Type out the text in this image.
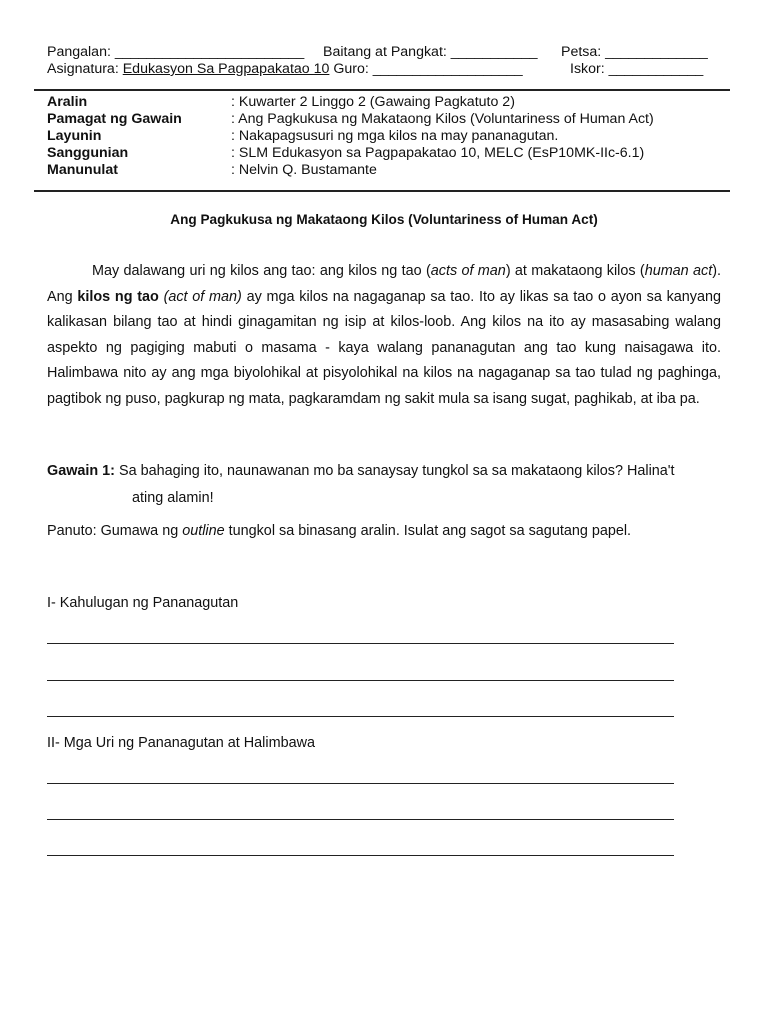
Pangalan: ________________________ Baitang at Pangkat: ___________ Petsa: _____________
Asignatura: Edukasyon Sa Pagpapakatao 10 Guro: ___________________	Iskor: ____________
Aralin	: Kuwarter 2 Linggo 2 (Gawaing Pagkatuto 2)
Pamagat ng Gawain	: Ang Pagkukusa ng Makataong Kilos (Voluntariness of Human Act)
Layunin	: Nakapagsusuri ng mga kilos na may pananagutan.
Sanggunian	: SLM Edukasyon sa Pagpapakatao 10, MELC (EsP10MK-IIc-6.1)
Manunulat	: Nelvin Q. Bustamante
Ang Pagkukusa ng Makataong Kilos (Voluntariness of Human Act)

May dalawang uri ng kilos ang tao: ang kilos ng tao (acts of man) at makataong kilos (human act). Ang kilos ng tao (act of man) ay mga kilos na nagaganap sa tao. Ito ay likas sa tao o ayon sa kanyang kalikasan bilang tao at hindi ginagamitan ng isip at kilos-loob. Ang kilos na ito ay masasabing walang aspekto ng pagiging mabuti o masama - kaya walang pananagutan ang tao kung naisagawa ito. Halimbawa nito ay ang mga biyolohikal at pisyolohikal na kilos na nagaganap sa tao tulad ng paghinga, pagtibok ng puso, pagkurap ng mata, pagkaramdam ng sakit mula sa isang sugat, paghikab, at iba pa.

Gawain 1: Sa bahaging ito, naunawanan mo ba sanaysay tungkol sa sa makataong kilos? Halina't
ating alamin!
Panuto: Gumawa ng outline tungkol sa binasang aralin. Isulat ang sagot sa sagutang papel.
I- Kahulugan ng Pananagutan
II- Mga Uri ng Pananagutan at Halimbawa
